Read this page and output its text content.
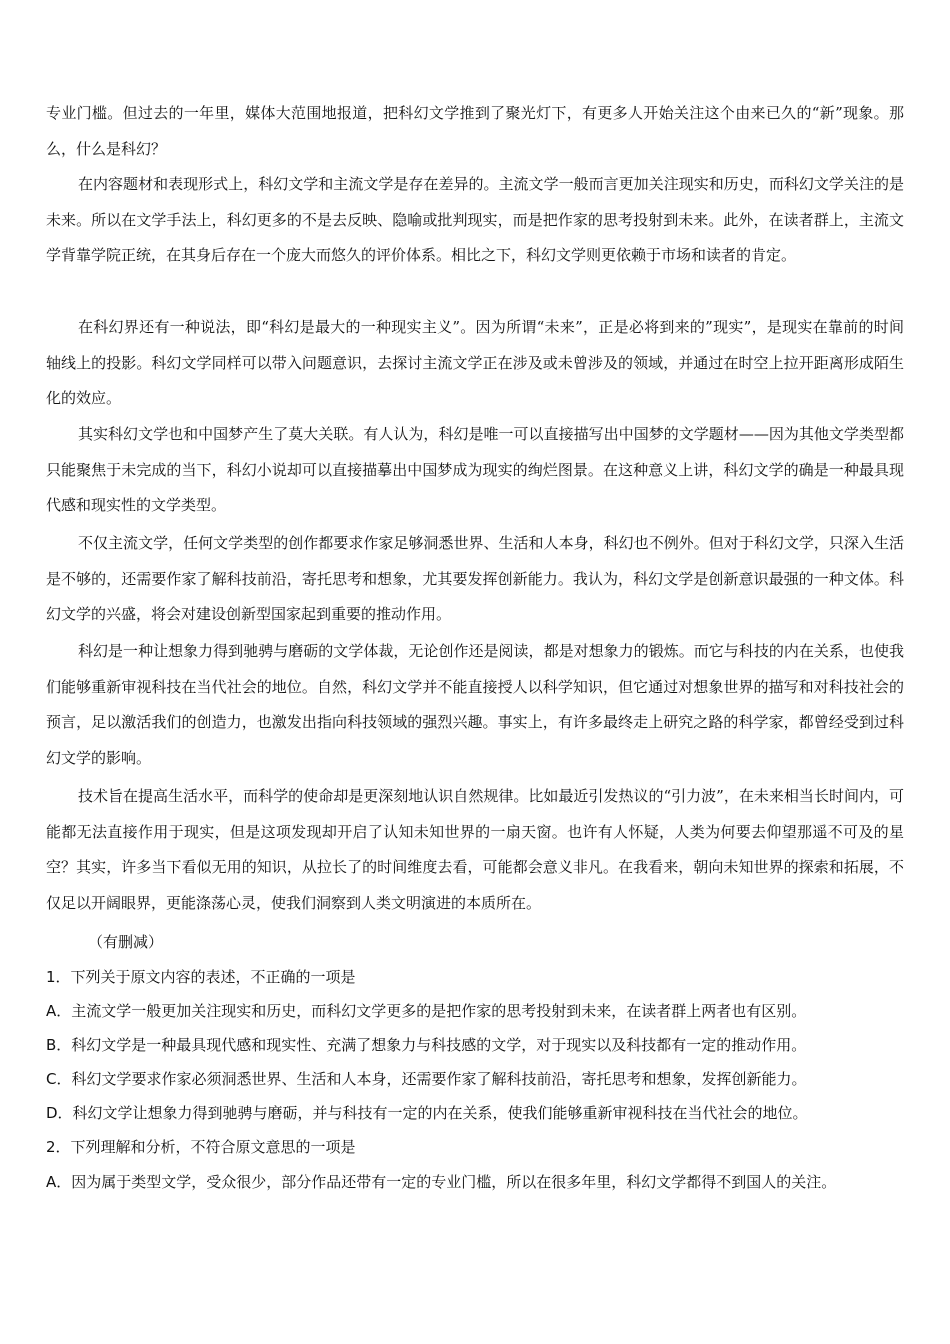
专业门槛。但过去的一年里，媒体大范围地报道，把科幻文学推到了聚光灯下，有更多人开始关注这个由来已久的“新”现象。那么，什么是科幻？

在内容题材和表现形式上，科幻文学和主流文学是存在差异的。主流文学一般而言更加关注现实和历史，而科幻文学关注的是未来。所以在文学手法上，科幻更多的不是去反映、隐喻或批判现实，而是把作家的思考投射到未来。此外，在读者群上，主流文学背靠学院正统，在其身后存在一个庞大而悠久的评价体系。相比之下，科幻文学则更依赖于市场和读者的肯定。

在科幻界还有一种说法，即“科幻是最大的一种现实主义”。因为所谓“未来”，正是必将到来的”现实”，是现实在靠前的时间轴线上的投影。科幻文学同样可以带入问题意识，去探讨主流文学正在涉及或未曾涉及的领域，并通过在时空上拉开距离形成陌生化的效应。

其实科幻文学也和中国梦产生了莫大关联。有人认为，科幻是唯一可以直接描写出中国梦的文学题材——因为其他文学类型都只能聚焦于未完成的当下，科幻小说却可以直接描摹出中国梦成为现实的绚烂图景。在这种意义上讲，科幻文学的确是一种最具现代感和现实性的文学类型。

不仅主流文学，任何文学类型的创作都要求作家足够洞悉世界、生活和人本身，科幻也不例外。但对于科幻文学，只深入生活是不够的，还需要作家了解科技前沿，寄托思考和想象，尤其要发挥创新能力。我认为，科幻文学是创新意识最强的一种文体。科幻文学的兴盛，将会对建设创新型国家起到重要的推动作用。

科幻是一种让想象力得到驰骋与磨砺的文学体裁，无论创作还是阅读，都是对想象力的锻炼。而它与科技的内在关系，也使我们能够重新审视科技在当代社会的地位。自然，科幻文学并不能直接授人以科学知识，但它通过对想象世界的描写和对科技社会的预言，足以激活我们的创造力，也激发出指向科技领域的强烈兴趣。事实上，有许多最终走上研究之路的科学家，都曾经受到过科幻文学的影响。

技术旨在提高生活水平，而科学的使命却是更深刻地认识自然规律。比如最近引发热议的“引力波”，在未来相当长时间内，可能都无法直接作用于现实，但是这项发现却开启了认知未知世界的一扇天窗。也许有人怀疑，人类为何要去仰望那遥不可及的星空？其实，许多当下看似无用的知识，从拉长了的时间维度去看，可能都会意义非凡。在我看来，朝向未知世界的探索和拓展，不仅足以开阔眼界，更能涤荡心灵，使我们洞察到人类文明演进的本质所在。

（有删减）

1．下列关于原文内容的表述，不正确的一项是

A．主流文学一般更加关注现实和历史，而科幻文学更多的是把作家的思考投射到未来，在读者群上两者也有区别。

B．科幻文学是一种最具现代感和现实性、充满了想象力与科技感的文学，对于现实以及科技都有一定的推动作用。

C．科幻文学要求作家必须洞悉世界、生活和人本身，还需要作家了解科技前沿，寄托思考和想象，发挥创新能力。

D．科幻文学让想象力得到驰骋与磨砺，并与科技有一定的内在关系，使我们能够重新审视科技在当代社会的地位。

2．下列理解和分析，不符合原文意思的一项是

A．因为属于类型文学，受众很少，部分作品还带有一定的专业门槛，所以在很多年里，科幻文学都得不到国人的关注。
